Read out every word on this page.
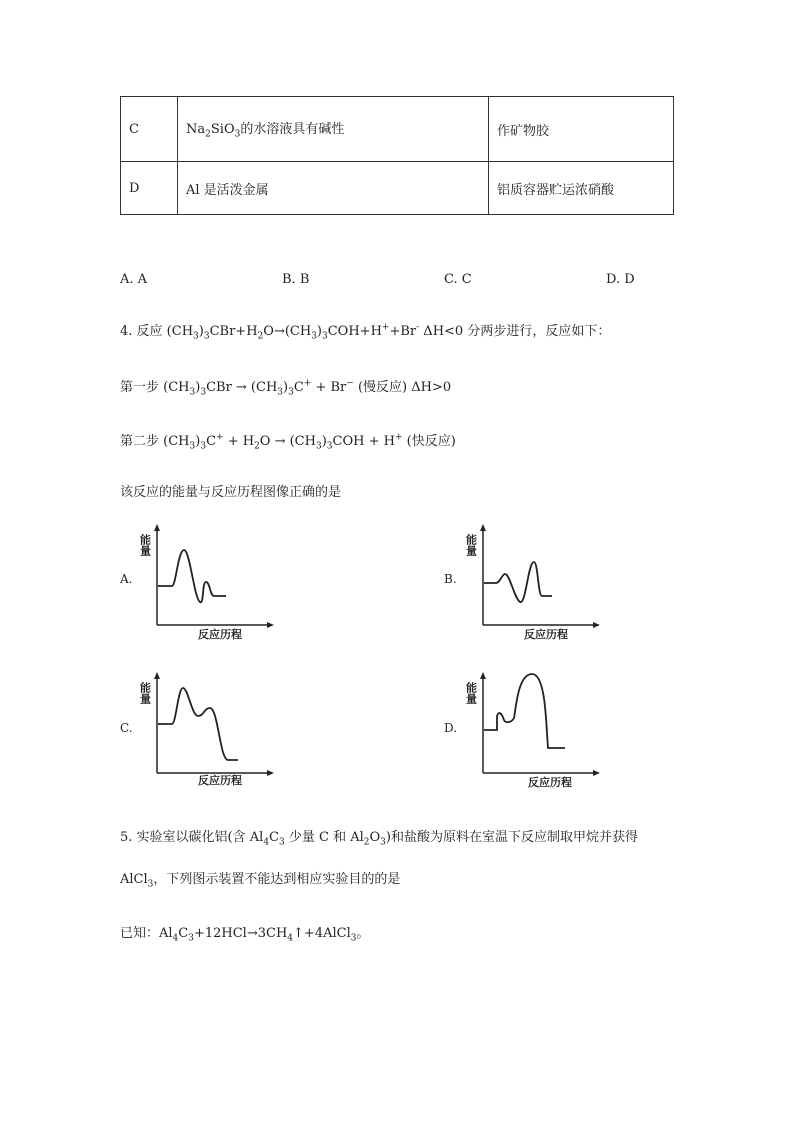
C	$Na_2SiO_3$的水溶液具有碱性	作矿物胶
D	Al 是活泼金属	铝质容器贮运浓硝酸
A. A	B. B	C. C	D. D
4. 反应 $(CH_3)_3CBr+H_2O\to(CH_3)_3COH+H^++Br^-$ ΔH<0 分两步进行，反应如下：
第一步 $(CH_3)_3CBr \to (CH_3)_3C^+ + Br^-$ (慢反应) ΔH>0
第二步 $(CH_3)_3C^+ + H_2O \to (CH_3)_3COH + H^+$ (快反应)
该反应的能量与反应历程图像正确的是
A.	B.
C.	D.
能量
反应历程
能量
反应历程
能量
反应历程
能量
反应历程
5. 实验室以碳化铝(含 $Al_4C_3$ 少量 C 和 $Al_2O_3$)和盐酸为原料在室温下反应制取甲烷并获得
AlCl$_3$，下列图示装置不能达到相应实验目的的是
已知：$Al_4C_3+12HCl\to 3CH_4↑+4AlCl_3$。
